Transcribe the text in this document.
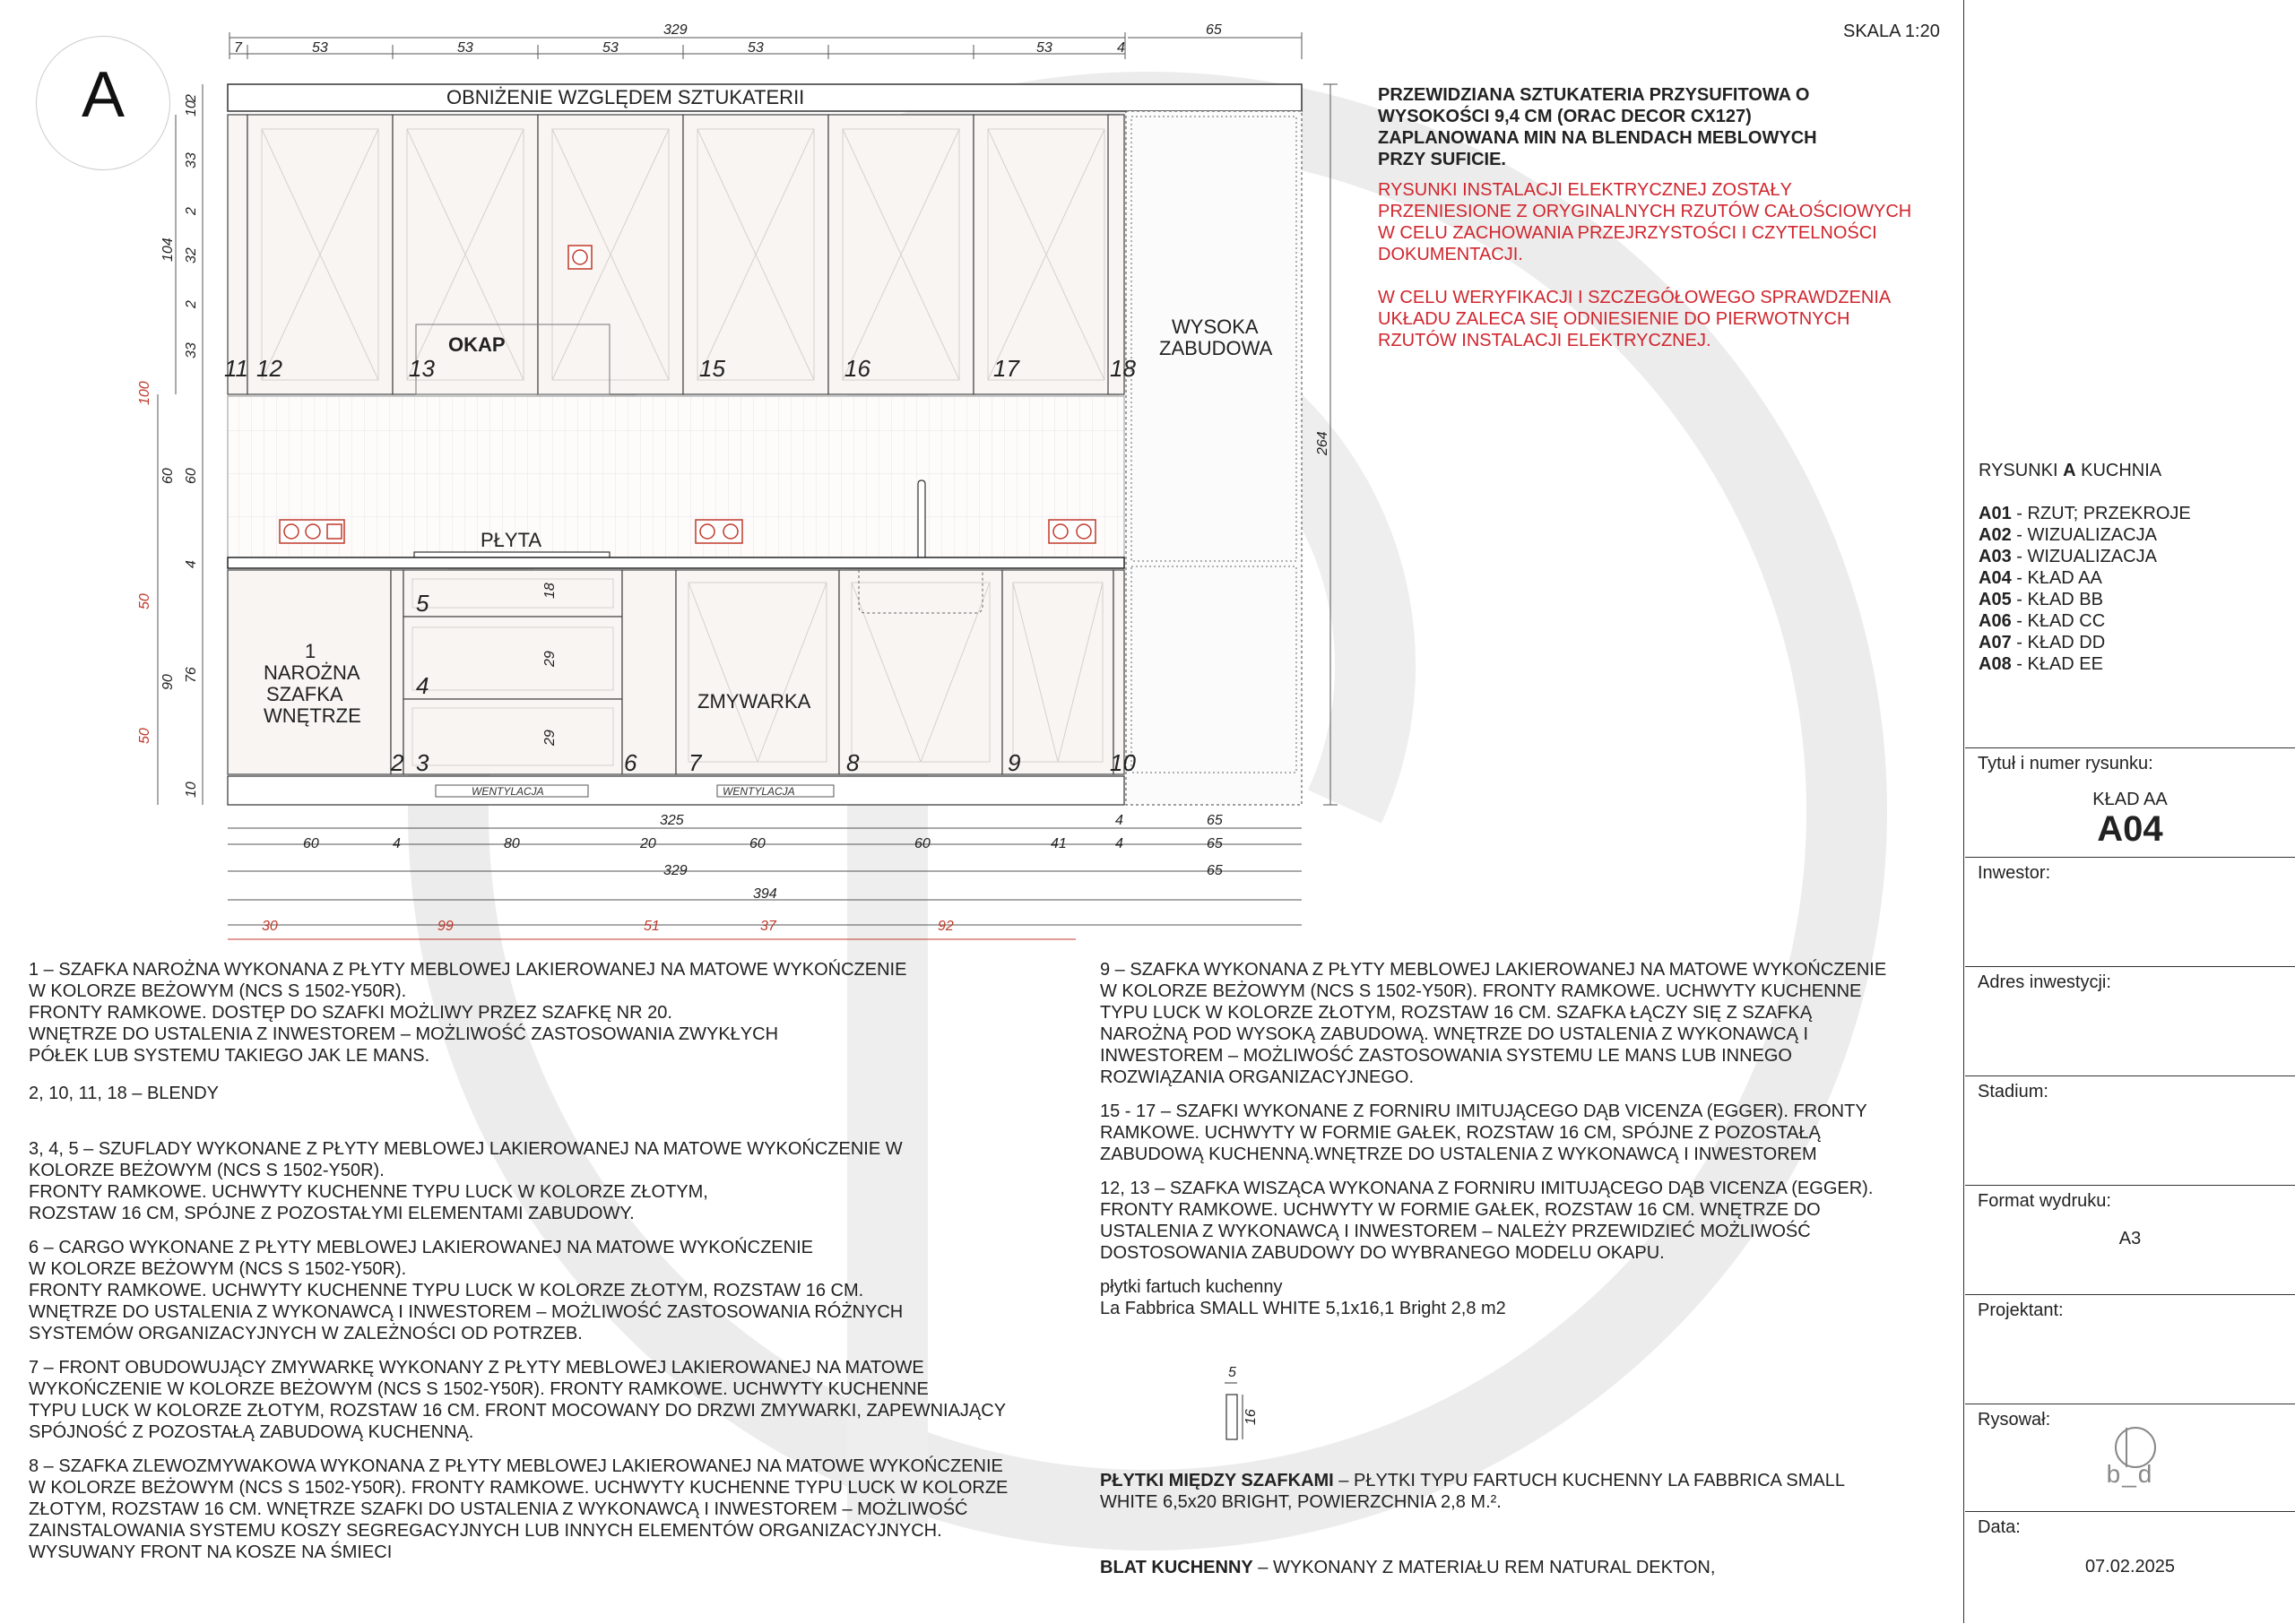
A
SKALA 1:20
329	65
7	53	53	53	53	53	4
OBNIŻENIE WZGLĘDEM SZTUKATERII
OKAP
WYSOKA
ZABUDOWA
PŁYTA
1
NAROŻNA
SZAFKA
WNĘTRZE
ZMYWARKA
WENTYLACJA	WENTYLACJA
11 12	13	15	16	17	18
2 3	6 7	8	9	10
5
4
18
29
29
264
2
10
33
2
32
2
33
104
60 60
4
76
90
10
100
50
50
325	4	65
60	4	80	20	60	60	41	4	65
329	65
394
30	99	51	37	92
PRZEWIDZIANA SZTUKATERIA PRZYSUFITOWA O
WYSOKOŚCI 9,4 CM (ORAC DECOR CX127)
ZAPLANOWANA MIN NA BLENDACH MEBLOWYCH
PRZY SUFICIE.
RYSUNKI INSTALACJI ELEKTRYCZNEJ ZOSTAŁY
PRZENIESIONE Z ORYGINALNYCH RZUTÓW CAŁOŚCIOWYCH
W CELU ZACHOWANIA PRZEJRZYSTOŚCI I CZYTELNOŚCI
DOKUMENTACJI.
W CELU WERYFIKACJI I SZCZEGÓŁOWEGO SPRAWDZENIA
UKŁADU ZALECA SIĘ ODNIESIENIE DO PIERWOTNYCH
RZUTÓW INSTALACJI ELEKTRYCZNEJ.

1 – SZAFKA NAROŻNA WYKONANA Z PŁYTY MEBLOWEJ LAKIEROWANEJ NA MATOWE WYKOŃCZENIE
W KOLORZE BEŻOWYM (NCS S 1502-Y50R).
FRONTY RAMKOWE. DOSTĘP DO SZAFKI MOŻLIWY PRZEZ SZAFKĘ NR 20.
WNĘTRZE DO USTALENIA Z INWESTOREM – MOŻLIWOŚĆ ZASTOSOWANIA ZWYKŁYCH
PÓŁEK LUB SYSTEMU TAKIEGO JAK LE MANS.

2, 10, 11, 18 – BLENDY

3, 4, 5 – SZUFLADY WYKONANE Z PŁYTY MEBLOWEJ LAKIEROWANEJ NA MATOWE WYKOŃCZENIE W
KOLORZE BEŻOWYM (NCS S 1502-Y50R).
FRONTY RAMKOWE. UCHWYTY KUCHENNE TYPU LUCK W KOLORZE ZŁOTYM,
ROZSTAW 16 CM, SPÓJNE Z POZOSTAŁYMI ELEMENTAMI ZABUDOWY.

6 – CARGO WYKONANE Z PŁYTY MEBLOWEJ LAKIEROWANEJ NA MATOWE WYKOŃCZENIE
W KOLORZE BEŻOWYM (NCS S 1502-Y50R).
FRONTY RAMKOWE. UCHWYTY KUCHENNE TYPU LUCK W KOLORZE ZŁOTYM, ROZSTAW 16 CM.
WNĘTRZE DO USTALENIA Z WYKONAWCĄ I INWESTOREM – MOŻLIWOŚĆ ZASTOSOWANIA RÓŻNYCH
SYSTEMÓW ORGANIZACYJNYCH W ZALEŻNOŚCI OD POTRZEB.

7 – FRONT OBUDOWUJĄCY ZMYWARKĘ WYKONANY Z PŁYTY MEBLOWEJ LAKIEROWANEJ NA MATOWE
WYKOŃCZENIE W KOLORZE BEŻOWYM (NCS S 1502-Y50R). FRONTY RAMKOWE. UCHWYTY KUCHENNE
TYPU LUCK W KOLORZE ZŁOTYM, ROZSTAW 16 CM. FRONT MOCOWANY DO DRZWI ZMYWARKI, ZAPEWNIAJĄCY
SPÓJNOŚĆ Z POZOSTAŁĄ ZABUDOWĄ KUCHENNĄ.

8 – SZAFKA ZLEWOZMYWAKOWA WYKONANA Z PŁYTY MEBLOWEJ LAKIEROWANEJ NA MATOWE WYKOŃCZENIE
W KOLORZE BEŻOWYM (NCS S 1502-Y50R). FRONTY RAMKOWE. UCHWYTY KUCHENNE TYPU LUCK W KOLORZE
ZŁOTYM, ROZSTAW 16 CM. WNĘTRZE SZAFKI DO USTALENIA Z WYKONAWCĄ I INWESTOREM – MOŻLIWOŚĆ
ZAINSTALOWANIA SYSTEMU KOSZY SEGREGACYJNYCH LUB INNYCH ELEMENTÓW ORGANIZACYJNYCH.
WYSUWANY FRONT NA KOSZE NA ŚMIECI

9 – SZAFKA WYKONANA Z PŁYTY MEBLOWEJ LAKIEROWANEJ NA MATOWE WYKOŃCZENIE
W KOLORZE BEŻOWYM (NCS S 1502-Y50R). FRONTY RAMKOWE. UCHWYTY KUCHENNE
TYPU LUCK W KOLORZE ZŁOTYM, ROZSTAW 16 CM. SZAFKA ŁĄCZY SIĘ Z SZAFKĄ
NAROŻNĄ POD WYSOKĄ ZABUDOWĄ. WNĘTRZE DO USTALENIA Z WYKONAWCĄ I
INWESTOREM – MOŻLIWOŚĆ ZASTOSOWANIA SYSTEMU LE MANS LUB INNEGO
ROZWIĄZANIA ORGANIZACYJNEGO.

15 - 17 – SZAFKI WYKONANE Z FORNIRU IMITUJĄCEGO DĄB VICENZA (EGGER). FRONTY
RAMKOWE. UCHWYTY W FORMIE GAŁEK, ROZSTAW 16 CM, SPÓJNE Z POZOSTAŁĄ
ZABUDOWĄ KUCHENNĄ.WNĘTRZE DO USTALENIA Z WYKONAWCĄ I INWESTOREM

12, 13 – SZAFKA WISZĄCA WYKONANA Z FORNIRU IMITUJĄCEGO DĄB VICENZA (EGGER).
FRONTY RAMKOWE. UCHWYTY W FORMIE GAŁEK, ROZSTAW 16 CM. WNĘTRZE DO
USTALENIA Z WYKONAWCĄ I INWESTOREM – NALEŻY PRZEWIDZIEĆ MOŻLIWOŚĆ
DOSTOSOWANIA ZABUDOWY DO WYBRANEGO MODELU OKAPU.

płytki fartuch kuchenny
La Fabbrica SMALL WHITE 5,1x16,1 Bright 2,8 m2

5
16
PŁYTKI MIĘDZY SZAFKAMI – PŁYTKI TYPU FARTUCH KUCHENNY LA FABBRICA SMALL
WHITE 6,5x20 BRIGHT, POWIERZCHNIA 2,8 M.².
BLAT KUCHENNY – WYKONANY Z MATERIAŁU REM NATURAL DEKTON,
RYSUNKI A KUCHNIA
A01 - RZUT; PRZEKROJE
A02 - WIZUALIZACJA
A03 - WIZUALIZACJA
A04 - KŁAD AA
A05 - KŁAD BB
A06 - KŁAD CC
A07 - KŁAD DD
A08 - KŁAD EE
Tytuł i numer rysunku:
KŁAD AA
A04
Inwestor:
Adres inwestycji:
Stadium:
Format wydruku:
A3
Projektant:
Rysował:
b_d
Data:
07.02.2025
